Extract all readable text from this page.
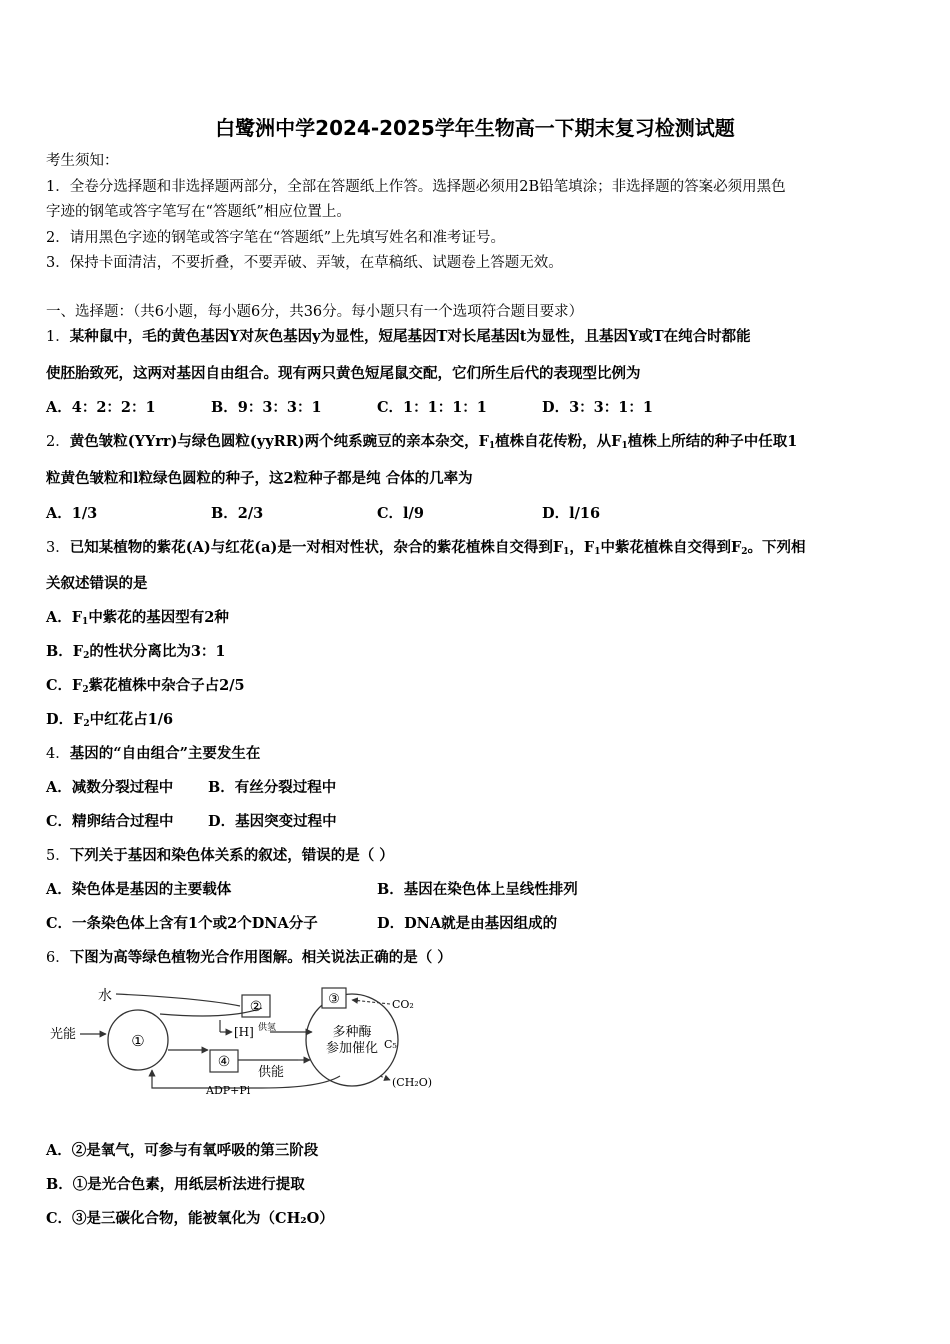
白鹭洲中学2024-2025学年生物高一下期末复习检测试题
考生须知：
1．全卷分选择题和非选择题两部分，全部在答题纸上作答。选择题必须用2B铅笔填涂；非选择题的答案必须用黑色
字迹的钢笔或答字笔写在“答题纸”相应位置上。
2．请用黑色字迹的钢笔或答字笔在“答题纸”上先填写姓名和准考证号。
3．保持卡面清洁，不要折叠，不要弄破、弄皱，在草稿纸、试题卷上答题无效。
一、选择题：（共6小题，每小题6分，共36分。每小题只有一个选项符合题目要求）
1．某种鼠中，毛的黄色基因Y对灰色基因y为显性，短尾基因T对长尾基因t为显性，且基因Y或T在纯合时都能
使胚胎致死，这两对基因自由组合。现有两只黄色短尾鼠交配，它们所生后代的表现型比例为
A．4：2：2：1	B．9：3：3：1	C．1：1：1：1	D．3：3：1：1
2．黄色皱粒(YYrr)与绿色圆粒(yyRR)两个纯系豌豆的亲本杂交，$F_1$植株自花传粉，从$F_1$植株上所结的种子中任取1
粒黄色皱粒和l粒绿色圆粒的种子，这2粒种子都是纯 合体的几率为
A．1/3	B．2/3	C．l/9	D．l/16
3．已知某植物的紫花(A)与红花(a)是一对相对性状，杂合的紫花植株自交得到$F_1$，$F_1$中紫花植株自交得到$F_2$。下列相
关叙述错误的是
A．$F_1$中紫花的基因型有2种
B．$F_2$的性状分离比为3：1
C．$F_2$紫花植株中杂合子占2/5
D．$F_2$中红花占1/6
4．基因的“自由组合”主要发生在
A．减数分裂过程中 B．有丝分裂过程中
C．精卵结合过程中 D．基因突变过程中
5．下列关于基因和染色体关系的叙述，错误的是（ ）
A．染色体是基因的主要载体	B．基因在染色体上呈线性排列
C．一条染色体上含有1个或2个DNA分子	D．DNA就是由基因组成的
6．下图为高等绿色植物光合作用图解。相关说法正确的是（ ）
①
光能
水
②
[H] 供氢
④
供能
ADP+Pi
多种酶
参加催化
③	CO₂
C₅
(CH₂O)
A．②是氧气，可参与有氧呼吸的第三阶段
B．①是光合色素，用纸层析法进行提取
C．③是三碳化合物，能被氧化为（CH₂O）
